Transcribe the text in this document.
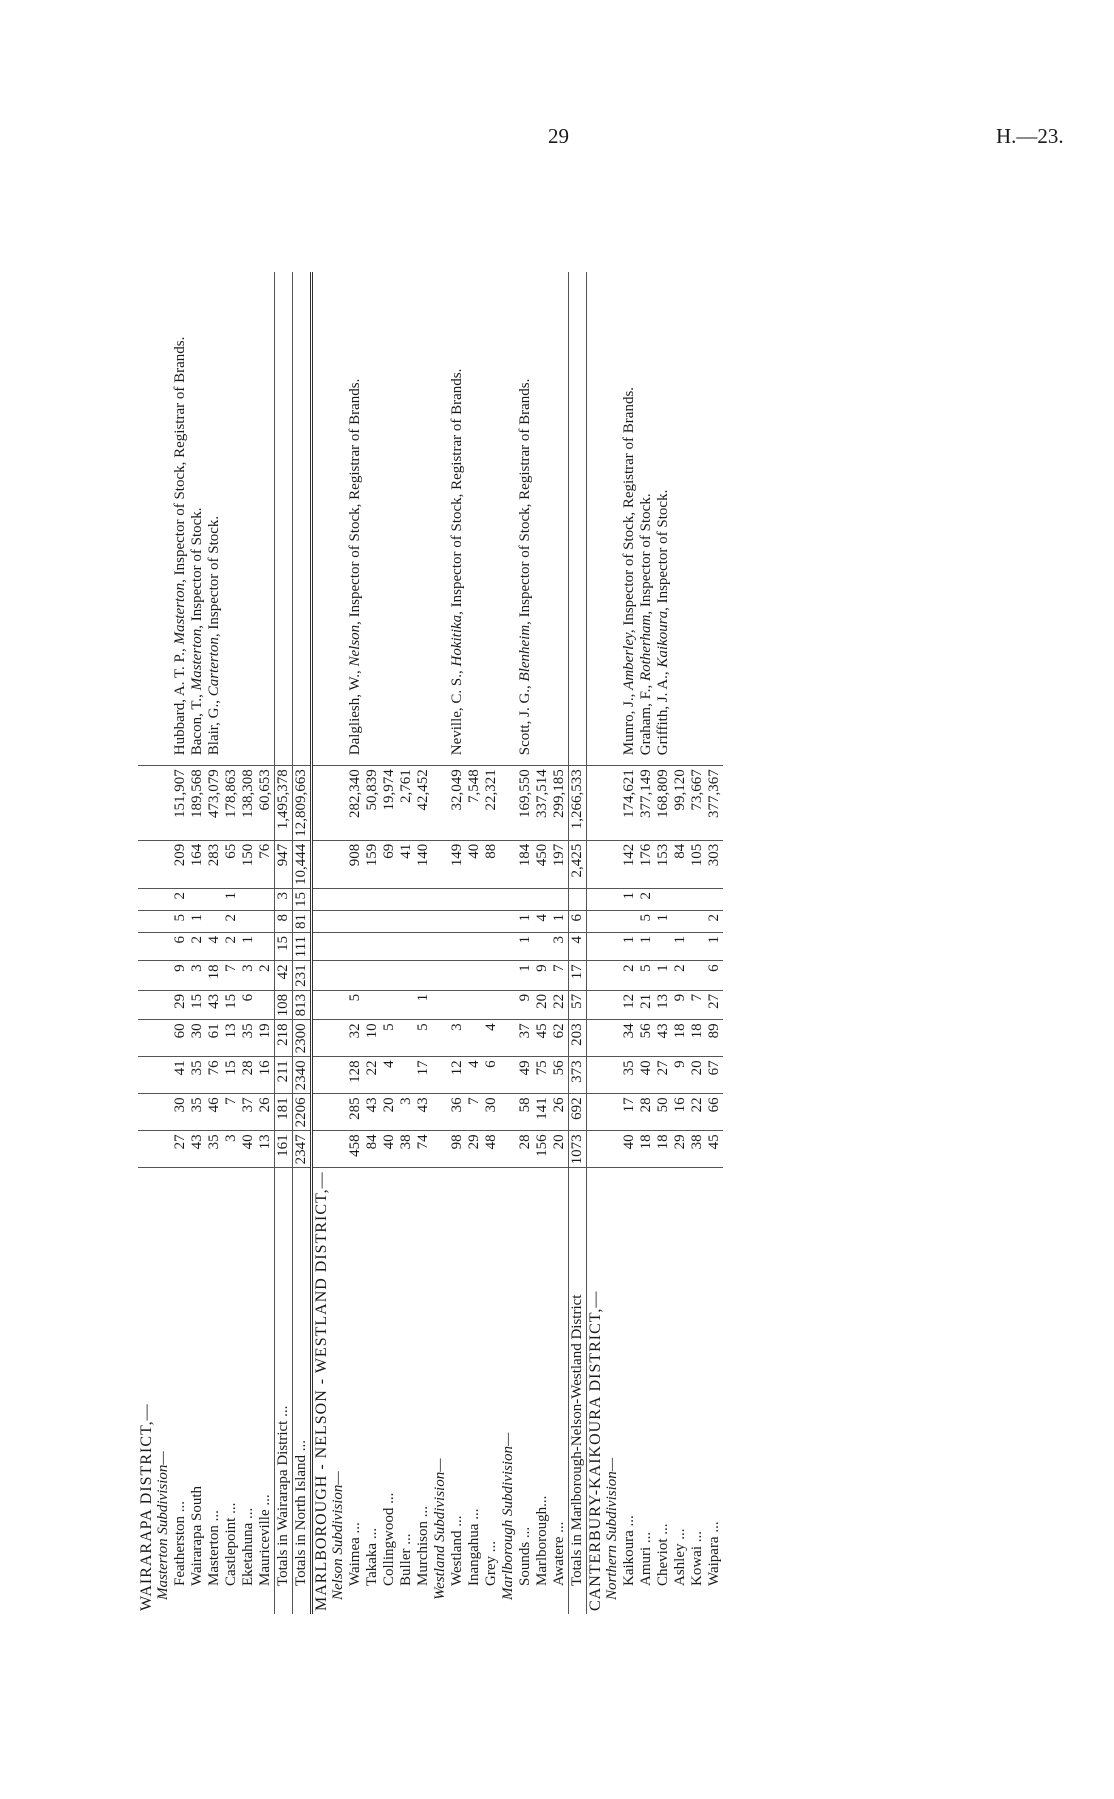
29	H.—23.
WAIRARAPA DISTRICT,—												
Masterton Subdivision—												
Featherston ...	27	30	41	60	29	9	6	5	2	209	151,907	Hubbard, A. T. P., Masterton, Inspector of Stock, Registrar of Brands.
Bacon, T., Masterton, Inspector of Stock.
Blair, G., Carterton, Inspector of Stock.

Wairarapa South	43	35	35	30	15	3	2	1		164	189,568	
Masterton ...	35	46	76	61	43	18	4			283	473,079	
Castlepoint ...	3	7	15	13	15	7	2	2	1	65	178,863	
Eketahuna ...	40	37	28	35	6	3	1			150	138,308	
Mauriceville ...	13	26	16	19		2				76	60,653	
Totals in Wairarapa District ...	161	181	211	218	108	42	15	8	3	947	1,495,378	
Totals in North Island ...	2347	2206	2340	2300	813	231	111	81	15	10,444	12,809,663	
MARLBOROUGH - NELSON - WESTLAND DISTRICT,—												
Nelson Subdivision—												
Waimea ...	458	285	128	32	5					908	282,340	Dalgliesh, W., Nelson, Inspector of Stock, Registrar of Brands.

Takaka ...	84	43	22	10						159	50,839	
Collingwood ...	40	20	4	5						69	19,974	
Buller ...	38	3								41	2,761	
Murchison ...	74	43	17	5	1					140	42,452	
Westland Subdivision—												
Westland ...	98	36	12	3						149	32,049	Neville, C. S., Hokitika, Inspector of Stock, Registrar of Brands.

Inangahua ...	29	7	4							40	7,548	
Grey ...	48	30	6	4						88	22,321	
Marlborough Subdivision—												
Sounds ...	28	58	49	37	9	1	1	1		184	169,550	Scott, J. G., Blenheim, Inspector of Stock, Registrar of Brands.

Marlborough...	156	141	75	45	20	9		4		450	337,514	
Awatere ...	20	26	56	62	22	7	3	1		197	299,185	
Totals in Marlborough-Nelson-Westland District	1073	692	373	203	57	17	4	6		2,425	1,266,533	
CANTERBURY-KAIKOURA DISTRICT,—												
Northern Subdivision—												
Kaikoura ...	40	17	35	34	12	2	1		1	142	174,621	Munro, J., Amberley, Inspector of Stock, Registrar of Brands.
Graham, F., Rotherham, Inspector of Stock.
Griffith, J. A., Kaikoura, Inspector of Stock.

Amuri ...	18	28	40	56	21	5	1	5	2	176	377,149	
Cheviot ...	18	50	27	43	13	1		1		153	168,809	
Ashley ...	29	16	9	18	9	2	1			84	99,120	
Kowai ...	38	22	20	18	7					105	73,667	
Waipara ...	45	66	67	89	27	6	1	2		303	377,367	
